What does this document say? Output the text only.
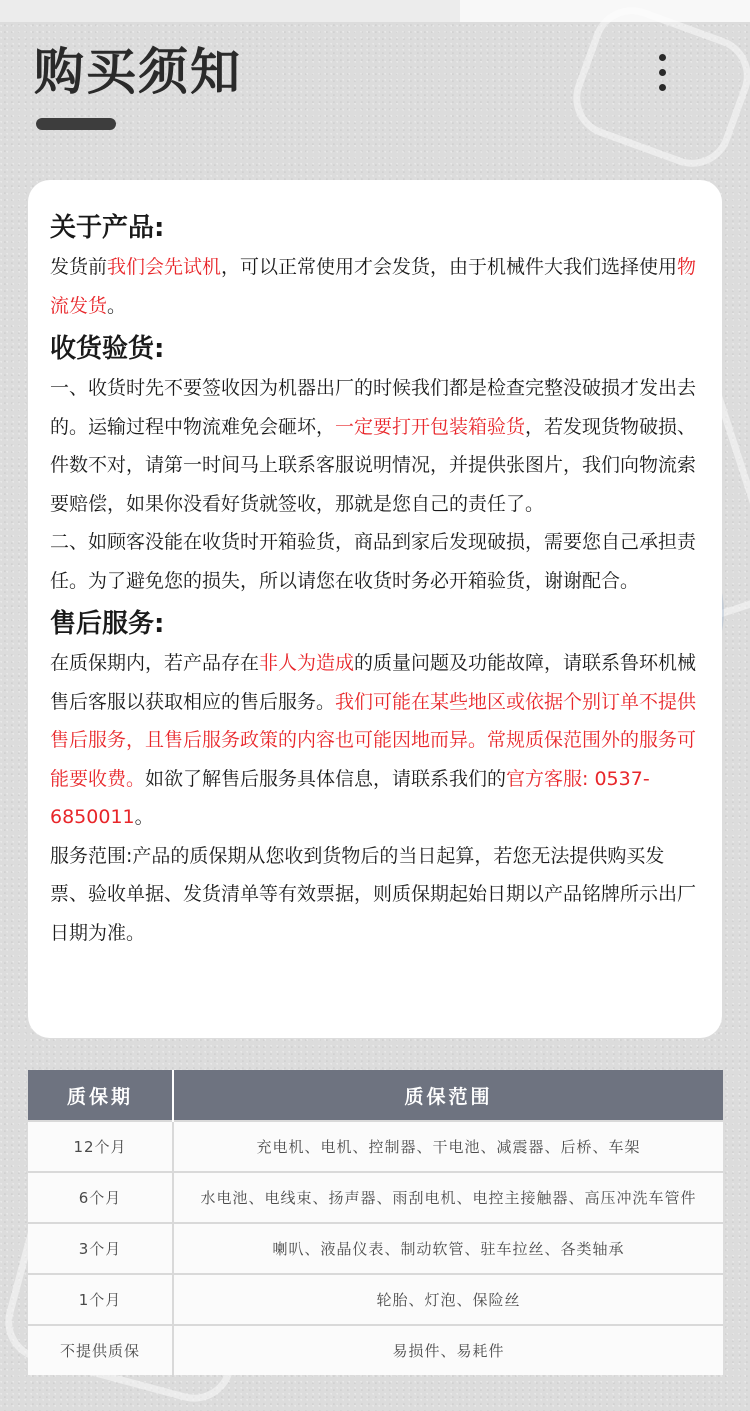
购买须知
关于产品:

发货前我们会先试机，可以正常使用才会发货，由于机械件大我们选择使用物流发货。

收货验货:

一、收货时先不要签收因为机器出厂的时候我们都是检查完整没破损才发出去的。运输过程中物流难免会砸坏，一定要打开包装箱验货，若发现货物破损、件数不对，请第一时间马上联系客服说明情况，并提供张图片，我们向物流索要赔偿，如果你没看好货就签收，那就是您自己的责任了。

二、如顾客没能在收货时开箱验货，商品到家后发现破损，需要您自己承担责任。为了避免您的损失，所以请您在收货时务必开箱验货，谢谢配合。

售后服务:

在质保期内，若产品存在非人为造成的质量问题及功能故障，请联系鲁环机械售后客服以获取相应的售后服务。我们可能在某些地区或依据个别订单不提供售后服务，且售后服务政策的内容也可能因地而异。常规质保范围外的服务可能要收费。如欲了解售后服务具体信息，请联系我们的官方客服: 0537-6850011。

服务范围:产品的质保期从您收到货物后的当日起算，若您无法提供购买发票、验收单据、发货清单等有效票据，则质保期起始日期以产品铭牌所示出厂日期为准。

质保期	质保范围
12个月	充电机、电机、控制器、干电池、减震器、后桥、车架
6个月	水电池、电线束、扬声器、雨刮电机、电控主接触器、高压冲洗车管件
3个月	喇叭、液晶仪表、制动软管、驻车拉丝、各类轴承
1个月	轮胎、灯泡、保险丝
不提供质保	易损件、易耗件
